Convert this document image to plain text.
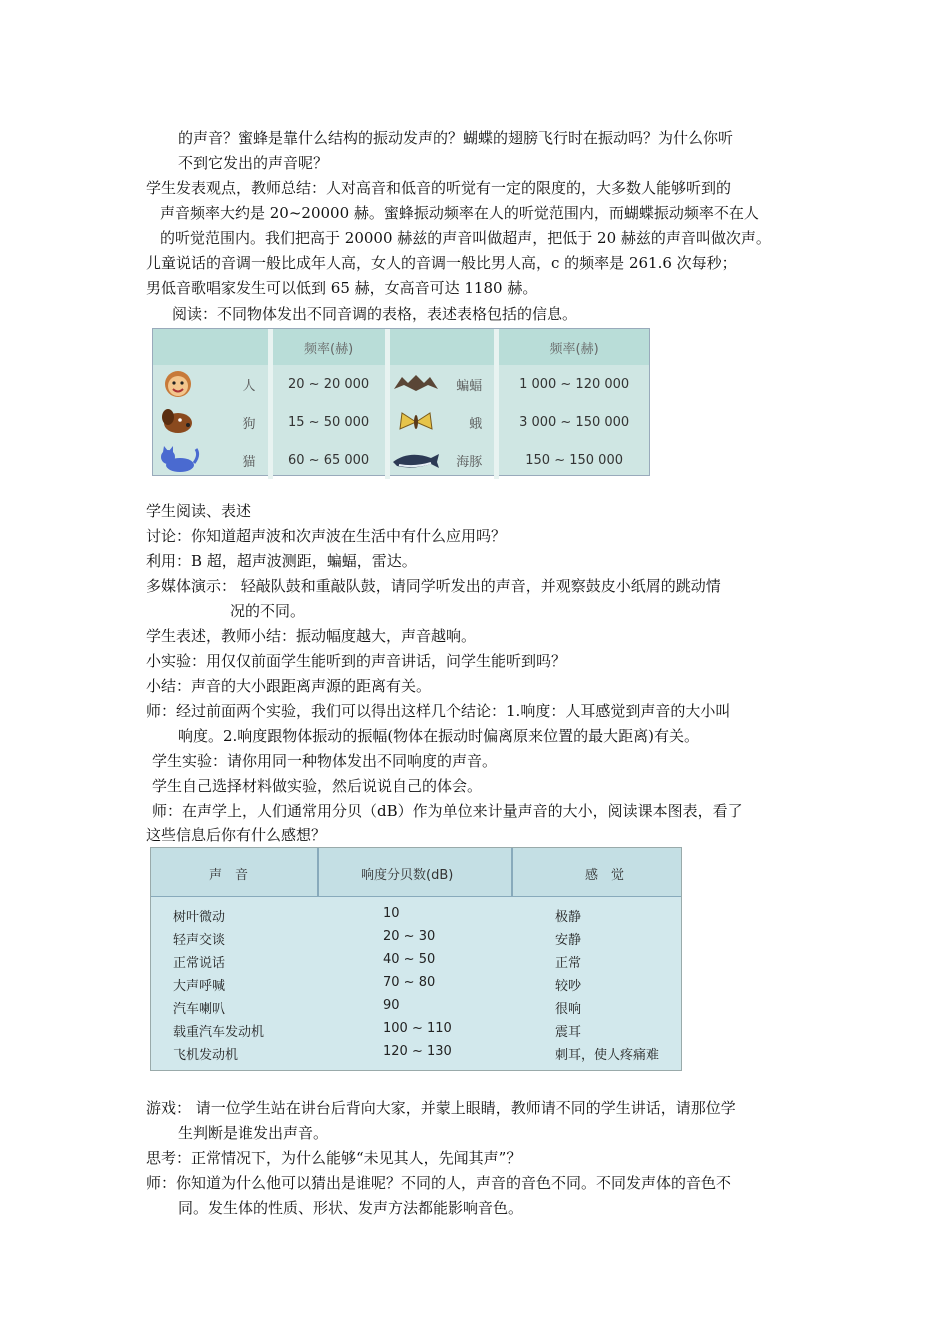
的声音？蜜蜂是靠什么结构的振动发声的？蝴蝶的翅膀飞行时在振动吗？为什么你听
不到它发出的声音呢？
学生发表观点，教师总结：人对高音和低音的听觉有一定的限度的，大多数人能够听到的
声音频率大约是 20~20000 赫。蜜蜂振动频率在人的听觉范围内，而蝴蝶振动频率不在人
的听觉范围内。我们把高于 20000 赫兹的声音叫做超声，把低于 20 赫兹的声音叫做次声。
儿童说话的音调一般比成年人高，女人的音调一般比男人高，c 的频率是 261.6 次每秒；
男低音歌唱家发生可以低到 65 赫，女高音可达 1180 赫。
阅读：不同物体发出不同音调的表格，表述表格包括的信息。
		频率(赫)			频率(赫)
	人	20 ~ 20 000		蝙蝠	1 000 ~ 120 000
	狗	15 ~ 50 000		蛾	3 000 ~ 150 000
	猫	60 ~ 65 000		海豚	150 ~ 150 000
学生阅读、表述
讨论：你知道超声波和次声波在生活中有什么应用吗？
利用：B 超，超声波测距，蝙蝠，雷达。
多媒体演示： 轻敲队鼓和重敲队鼓，请同学听发出的声音，并观察鼓皮小纸屑的跳动情
况的不同。
学生表述，教师小结：振动幅度越大，声音越响。
小实验：用仅仅前面学生能听到的声音讲话，问学生能听到吗？
小结：声音的大小跟距离声源的距离有关。
师：经过前面两个实验，我们可以得出这样几个结论：1.响度：人耳感觉到声音的大小叫
响度。2.响度跟物体振动的振幅(物体在振动时偏离原来位置的最大距离)有关。
学生实验：请你用同一种物体发出不同响度的声音。
学生自己选择材料做实验，然后说说自己的体会。
师：在声学上，人们通常用分贝（dB）作为单位来计量声音的大小，阅读课本图表，看了
这些信息后你有什么感想？
声　音	响度分贝数(dB)	感　觉
树叶微动	10	极静
轻声交谈	20 ~ 30	安静
正常说话	40 ~ 50	正常
大声呼喊	70 ~ 80	较吵
汽车喇叭	90	很响
载重汽车发动机	100 ~ 110	震耳
飞机发动机	120 ~ 130	刺耳，使人疼痛难
游戏： 请一位学生站在讲台后背向大家，并蒙上眼睛，教师请不同的学生讲话，请那位学
生判断是谁发出声音。
思考：正常情况下，为什么能够“未见其人，先闻其声”？
师：你知道为什么他可以猜出是谁呢？不同的人，声音的音色不同。不同发声体的音色不
同。发生体的性质、形状、发声方法都能影响音色。
